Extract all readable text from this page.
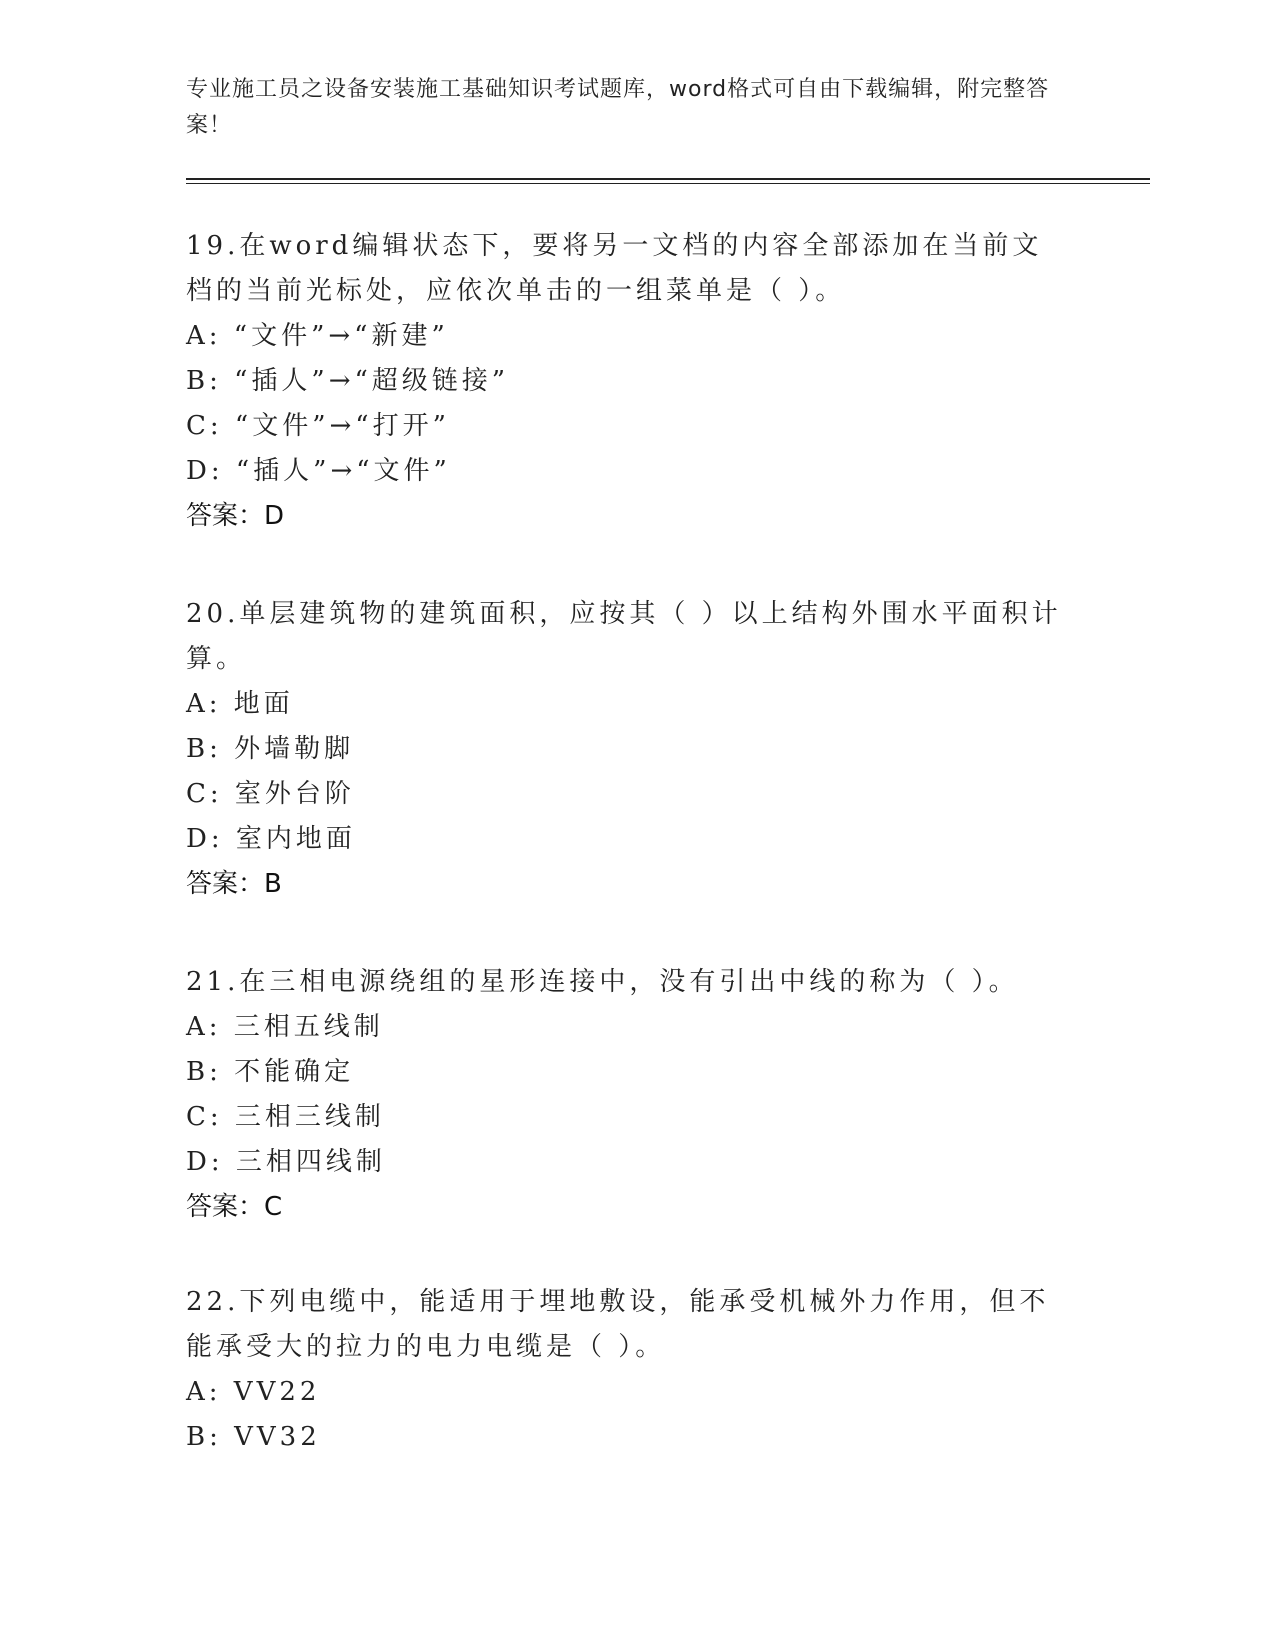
专业施工员之设备安装施工基础知识考试题库，word格式可自由下载编辑，附完整答案！

19.在word编辑状态下，要将另一文档的内容全部添加在当前文档的当前光标处，应依次单击的一组菜单是（ ）。

A: “文件”→“新建”

B: “插人”→“超级链接”

C: “文件”→“打开”

D: “插人”→“文件”

答案：D

20.单层建筑物的建筑面积，应按其（ ）以上结构外围水平面积计算。

A: 地面

B: 外墙勒脚

C: 室外台阶

D: 室内地面

答案：B

21.在三相电源绕组的星形连接中，没有引出中线的称为（ ）。

A: 三相五线制

B: 不能确定

C: 三相三线制

D: 三相四线制

答案：C

22.下列电缆中，能适用于埋地敷设，能承受机械外力作用，但不能承受大的拉力的电力电缆是（ ）。

A: VV22

B: VV32
